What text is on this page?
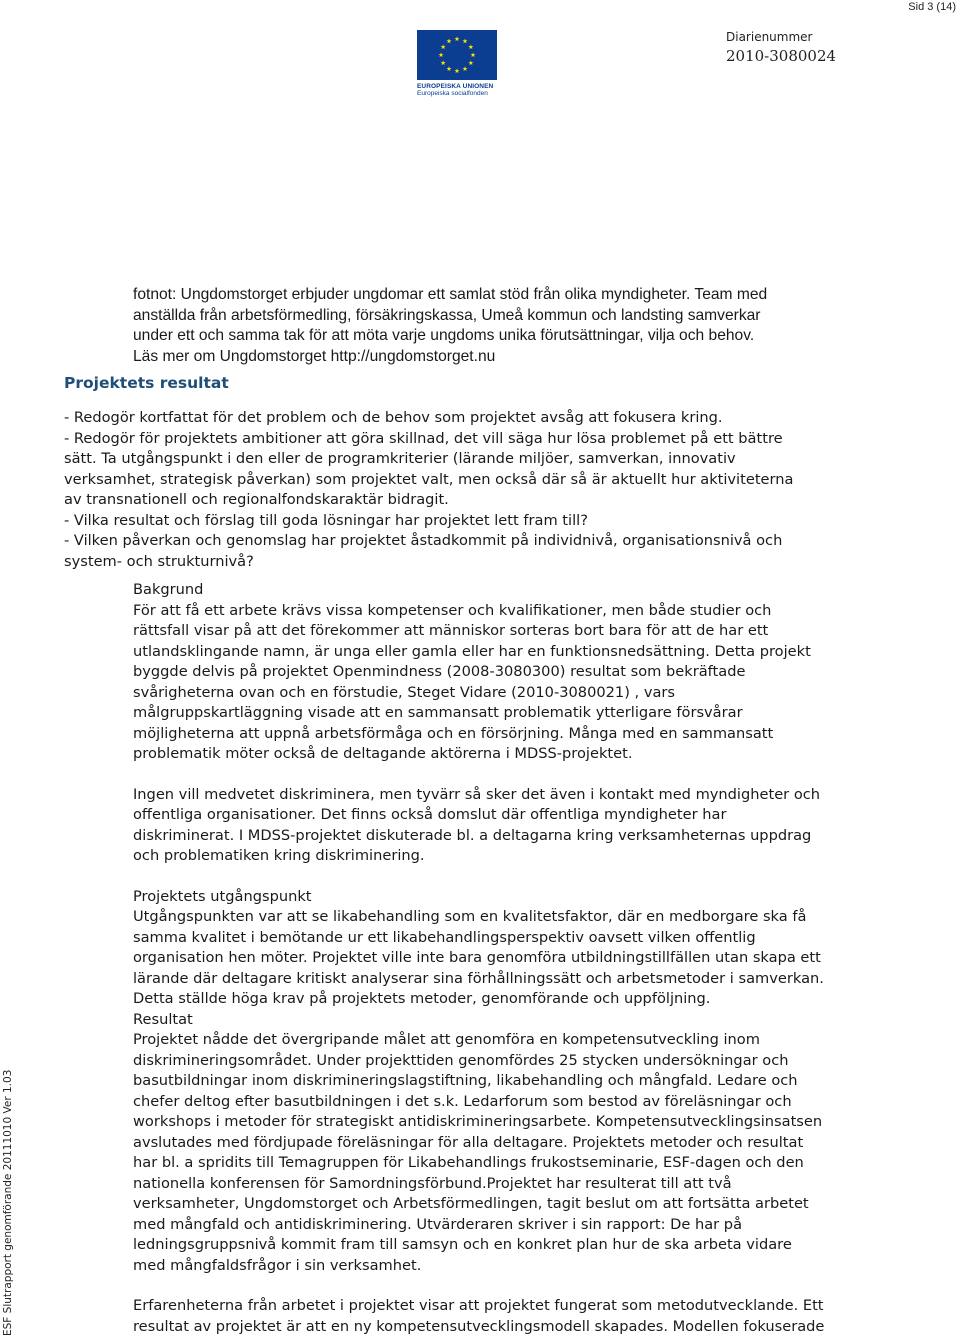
Sid 3 (14)
EUROPEISKA UNIONEN
Europeiska socialfonden
Diarienummer
2010-3080024
ESF Slutrapport genomförande 20111010 Ver 1.03

fotnot: Ungdomstorget erbjuder ungdomar ett samlat stöd från olika myndigheter. Team med

anställda från arbetsförmedling, försäkringskassa, Umeå kommun och landsting samverkar

under ett och samma tak för att möta varje ungdoms unika förutsättningar, vilja och behov.

Läs mer om Ungdomstorget http://ungdomstorget.nu

Projektets resultat

- Redogör kortfattat för det problem och de behov som projektet avsåg att fokusera kring.

- Redogör för projektets ambitioner att göra skillnad, det vill säga hur lösa problemet på ett bättre

sätt. Ta utgångspunkt i den eller de programkriterier (lärande miljöer, samverkan, innovativ

verksamhet, strategisk påverkan) som projektet valt, men också där så är aktuellt hur aktiviteterna

av transnationell och regionalfondskaraktär bidragit.

- Vilka resultat och förslag till goda lösningar har projektet lett fram till?

- Vilken påverkan och genomslag har projektet åstadkommit på individnivå, organisationsnivå och

system- och strukturnivå?

Bakgrund

För att få ett arbete krävs vissa kompetenser och kvalifikationer, men både studier och

rättsfall visar på att det förekommer att människor sorteras bort bara för att de har ett

utlandsklingande namn, är unga eller gamla eller har en funktionsnedsättning. Detta projekt

byggde delvis på projektet Openmindness (2008-3080300) resultat som bekräftade

svårigheterna ovan och en förstudie, Steget Vidare (2010-3080021) , vars

målgruppskartläggning visade att en sammansatt problematik ytterligare försvårar

möjligheterna att uppnå arbetsförmåga och en försörjning. Många med en sammansatt

problematik möter också de deltagande aktörerna i MDSS-projektet.

Ingen vill medvetet diskriminera, men tyvärr så sker det även i kontakt med myndigheter och

offentliga organisationer. Det finns också domslut där offentliga myndigheter har

diskriminerat. I MDSS-projektet diskuterade bl. a deltagarna kring verksamheternas uppdrag

och problematiken kring diskriminering.

Projektets utgångspunkt

Utgångspunkten var att se likabehandling som en kvalitetsfaktor, där en medborgare ska få

samma kvalitet i bemötande ur ett likabehandlingsperspektiv oavsett vilken offentlig

organisation hen möter. Projektet ville inte bara genomföra utbildningstillfällen utan skapa ett

lärande där deltagare kritiskt analyserar sina förhållningssätt och arbetsmetoder i samverkan.

Detta ställde höga krav på projektets metoder, genomförande och uppföljning.

Resultat

Projektet nådde det övergripande målet att genomföra en kompetensutveckling inom

diskrimineringsområdet. Under projekttiden genomfördes 25 stycken undersökningar och

basutbildningar inom diskrimineringslagstiftning, likabehandling och mångfald. Ledare och

chefer deltog efter basutbildningen i det s.k. Ledarforum som bestod av föreläsningar och

workshops i metoder för strategiskt antidiskrimineringsarbete. Kompetensutvecklingsinsatsen

avslutades med fördjupade föreläsningar för alla deltagare. Projektets metoder och resultat

har bl. a spridits till Temagruppen för Likabehandlings frukostseminarie, ESF-dagen och den

nationella konferensen för Samordningsförbund.Projektet har resulterat till att två

verksamheter, Ungdomstorget och Arbetsförmedlingen, tagit beslut om att fortsätta arbetet

med mångfald och antidiskriminering. Utvärderaren skriver i sin rapport: De har på

ledningsgruppsnivå kommit fram till samsyn och en konkret plan hur de ska arbeta vidare

med mångfaldsfrågor i sin verksamhet.

Erfarenheterna från arbetet i projektet visar att projektet fungerat som metodutvecklande. Ett

resultat av projektet är att en ny kompetensutvecklingsmodell skapades. Modellen fokuserade
